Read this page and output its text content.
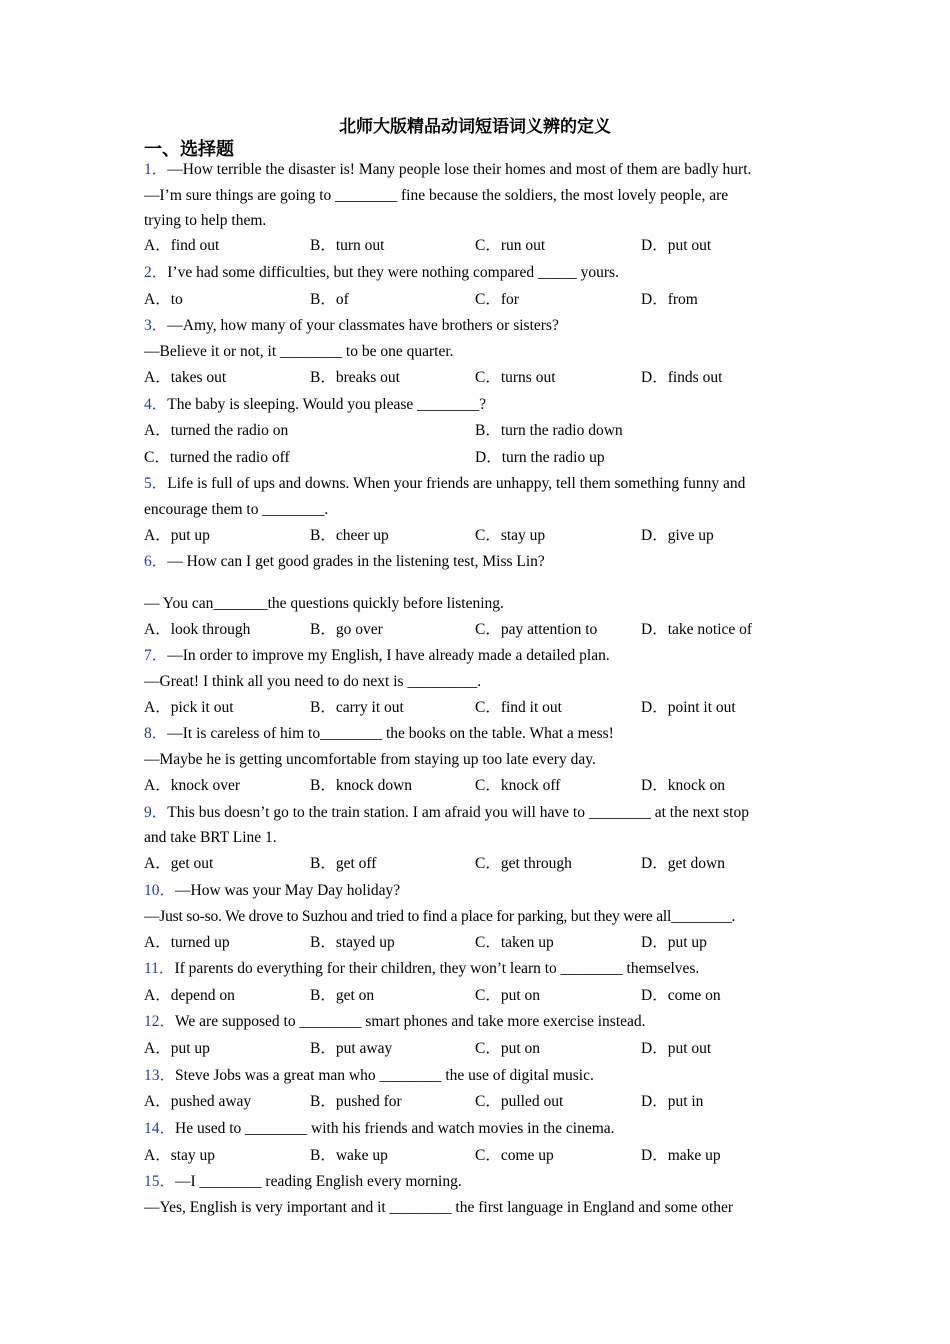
北师大版精品动词短语词义辨的定义
一、选择题
1．—How terrible the disaster is! Many people lose their homes and most of them are badly hurt.
—I’m sure things are going to ________ fine because the soldiers, the most lovely people, are
trying to help them.
A．find out	B．turn out	C．run out	D．put out
2．I’ve had some difficulties, but they were nothing compared _____ yours.
A．to	B．of	C．for	D．from
3．—Amy, how many of your classmates have brothers or sisters?
—Believe it or not, it ________ to be one quarter.
A．takes out	B．breaks out	C．turns out	D．finds out
4．The baby is sleeping. Would you please ________?
A．turned the radio on	B．turn the radio down
C．turned the radio off	D．turn the radio up
5．Life is full of ups and downs. When your friends are unhappy, tell them something funny and
encourage them to ________.
A．put up	B．cheer up	C．stay up	D．give up
6．— How can I get good grades in the listening test, Miss Lin?
— You can_______the questions quickly before listening.
A．look through	B．go over	C．pay attention to	D．take notice of
7．—In order to improve my English, I have already made a detailed plan.
—Great! I think all you need to do next is _________.
A．pick it out	B．carry it out	C．find it out	D．point it out
8．—It is careless of him to________ the books on the table. What a mess!
—Maybe he is getting uncomfortable from staying up too late every day.
A．knock over	B．knock down	C．knock off	D．knock on
9．This bus doesn’t go to the train station. I am afraid you will have to ________ at the next stop
and take BRT Line 1.
A．get out	B．get off	C．get through	D．get down
10．—How was your May Day holiday?
—Just so-so. We drove to Suzhou and tried to find a place for parking, but they were all________.
A．turned up	B．stayed up	C．taken up	D．put up
11．If parents do everything for their children, they won’t learn to ________ themselves.
A．depend on	B．get on	C．put on	D．come on
12．We are supposed to ________ smart phones and take more exercise instead.
A．put up	B．put away	C．put on	D．put out
13．Steve Jobs was a great man who ________ the use of digital music.
A．pushed away	B．pushed for	C．pulled out	D．put in
14．He used to ________ with his friends and watch movies in the cinema.
A．stay up	B．wake up	C．come up	D．make up
15．—I ________ reading English every morning.
—Yes, English is very important and it ________ the first language in England and some other
